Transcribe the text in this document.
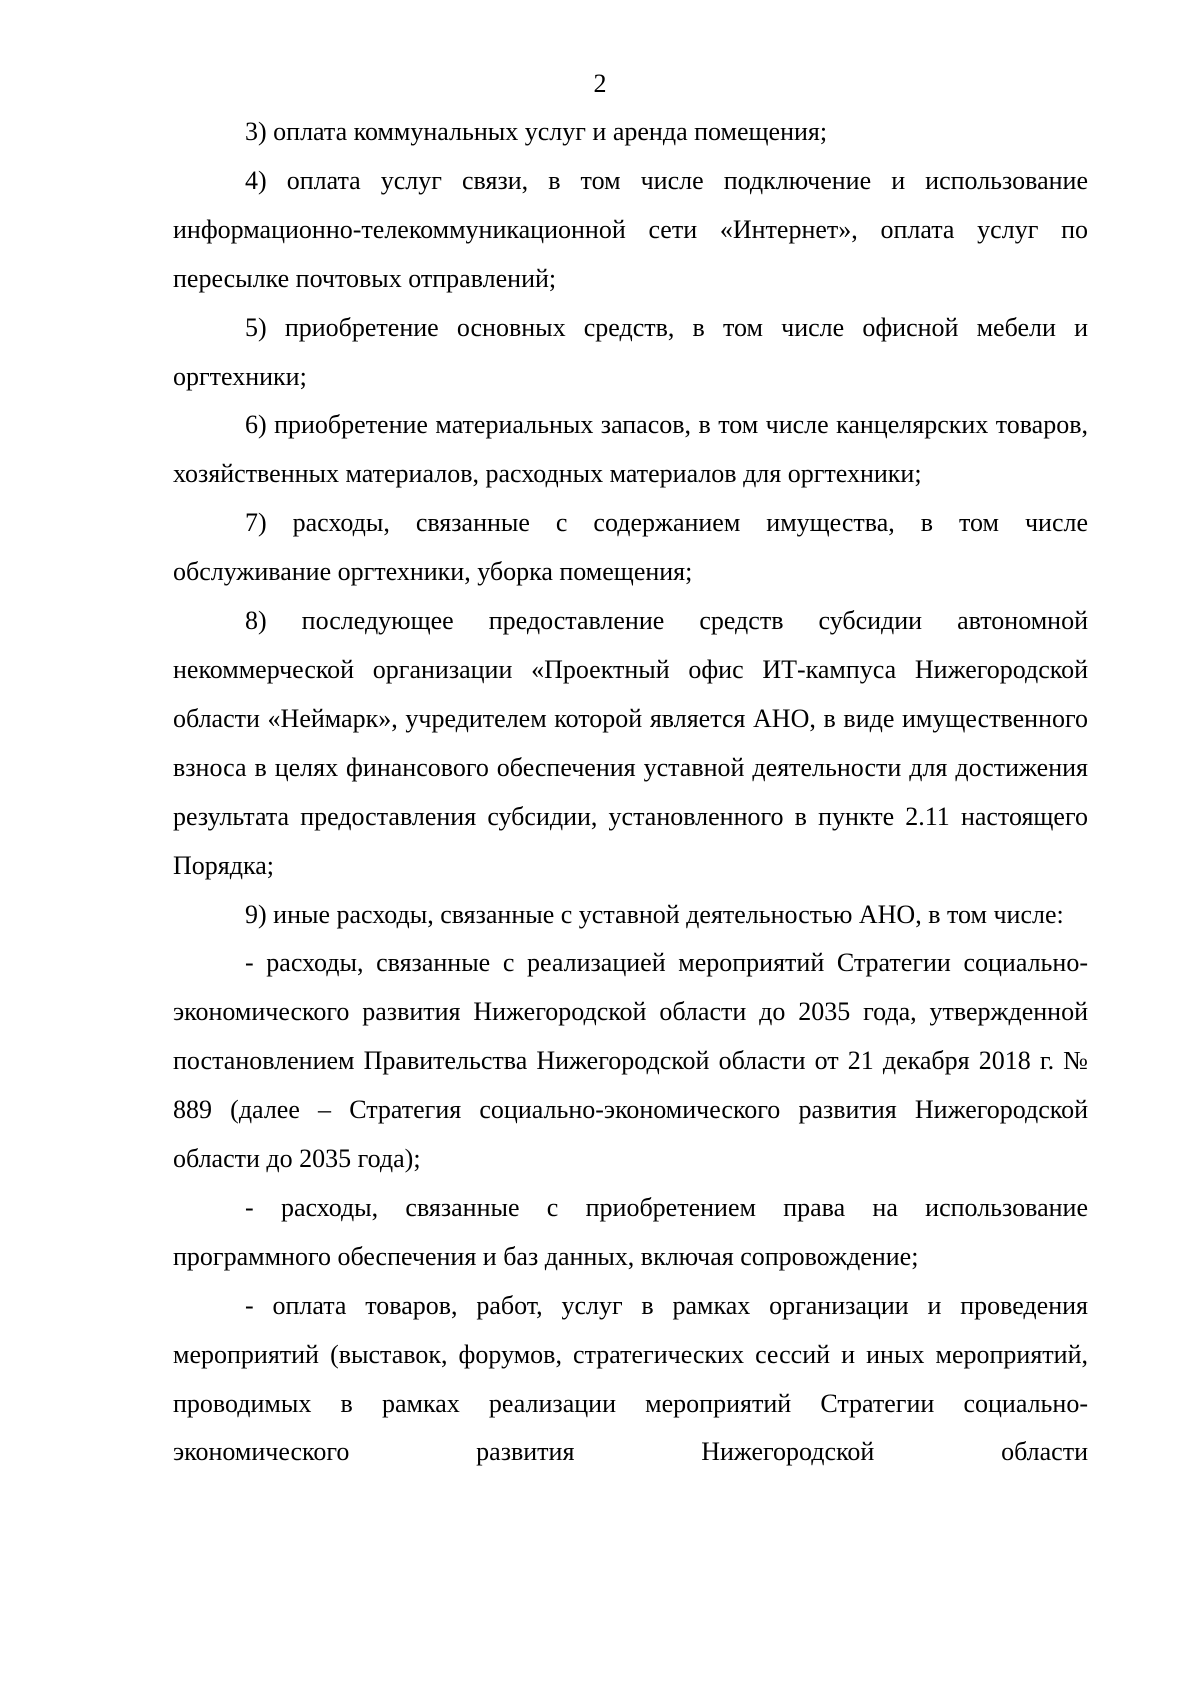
2

3) оплата коммунальных услуг и аренда помещения;

4) оплата услуг связи, в том числе подключение и использование информационно-телекоммуникационной сети «Интернет», оплата услуг по пересылке почтовых отправлений;

5) приобретение основных средств, в том числе офисной мебели и оргтехники;

6) приобретение материальных запасов, в том числе канцелярских товаров, хозяйственных материалов, расходных материалов для оргтехники;

7) расходы, связанные с содержанием имущества, в том числе обслуживание оргтехники, уборка помещения;

8) последующее предоставление средств субсидии автономной некоммерческой организации «Проектный офис ИТ-кампуса Нижегородской области «Неймарк», учредителем которой является АНО, в виде имущественного взноса в целях финансового обеспечения уставной деятельности для достижения результата предоставления субсидии, установленного в пункте 2.11 настоящего Порядка;

9) иные расходы, связанные с уставной деятельностью АНО, в том числе:

- расходы, связанные с реализацией мероприятий Стратегии социально-экономического развития Нижегородской области до 2035 года, утвержденной постановлением Правительства Нижегородской области от 21 декабря 2018 г. № 889 (далее – Стратегия социально-экономического развития Нижегородской области до 2035 года);

- расходы, связанные с приобретением права на использование программного обеспечения и баз данных, включая сопровождение;

- оплата товаров, работ, услуг в рамках организации и проведения мероприятий (выставок, форумов, стратегических сессий и иных мероприятий, проводимых в рамках реализации мероприятий Стратегии социально-экономического развития Нижегородской области
